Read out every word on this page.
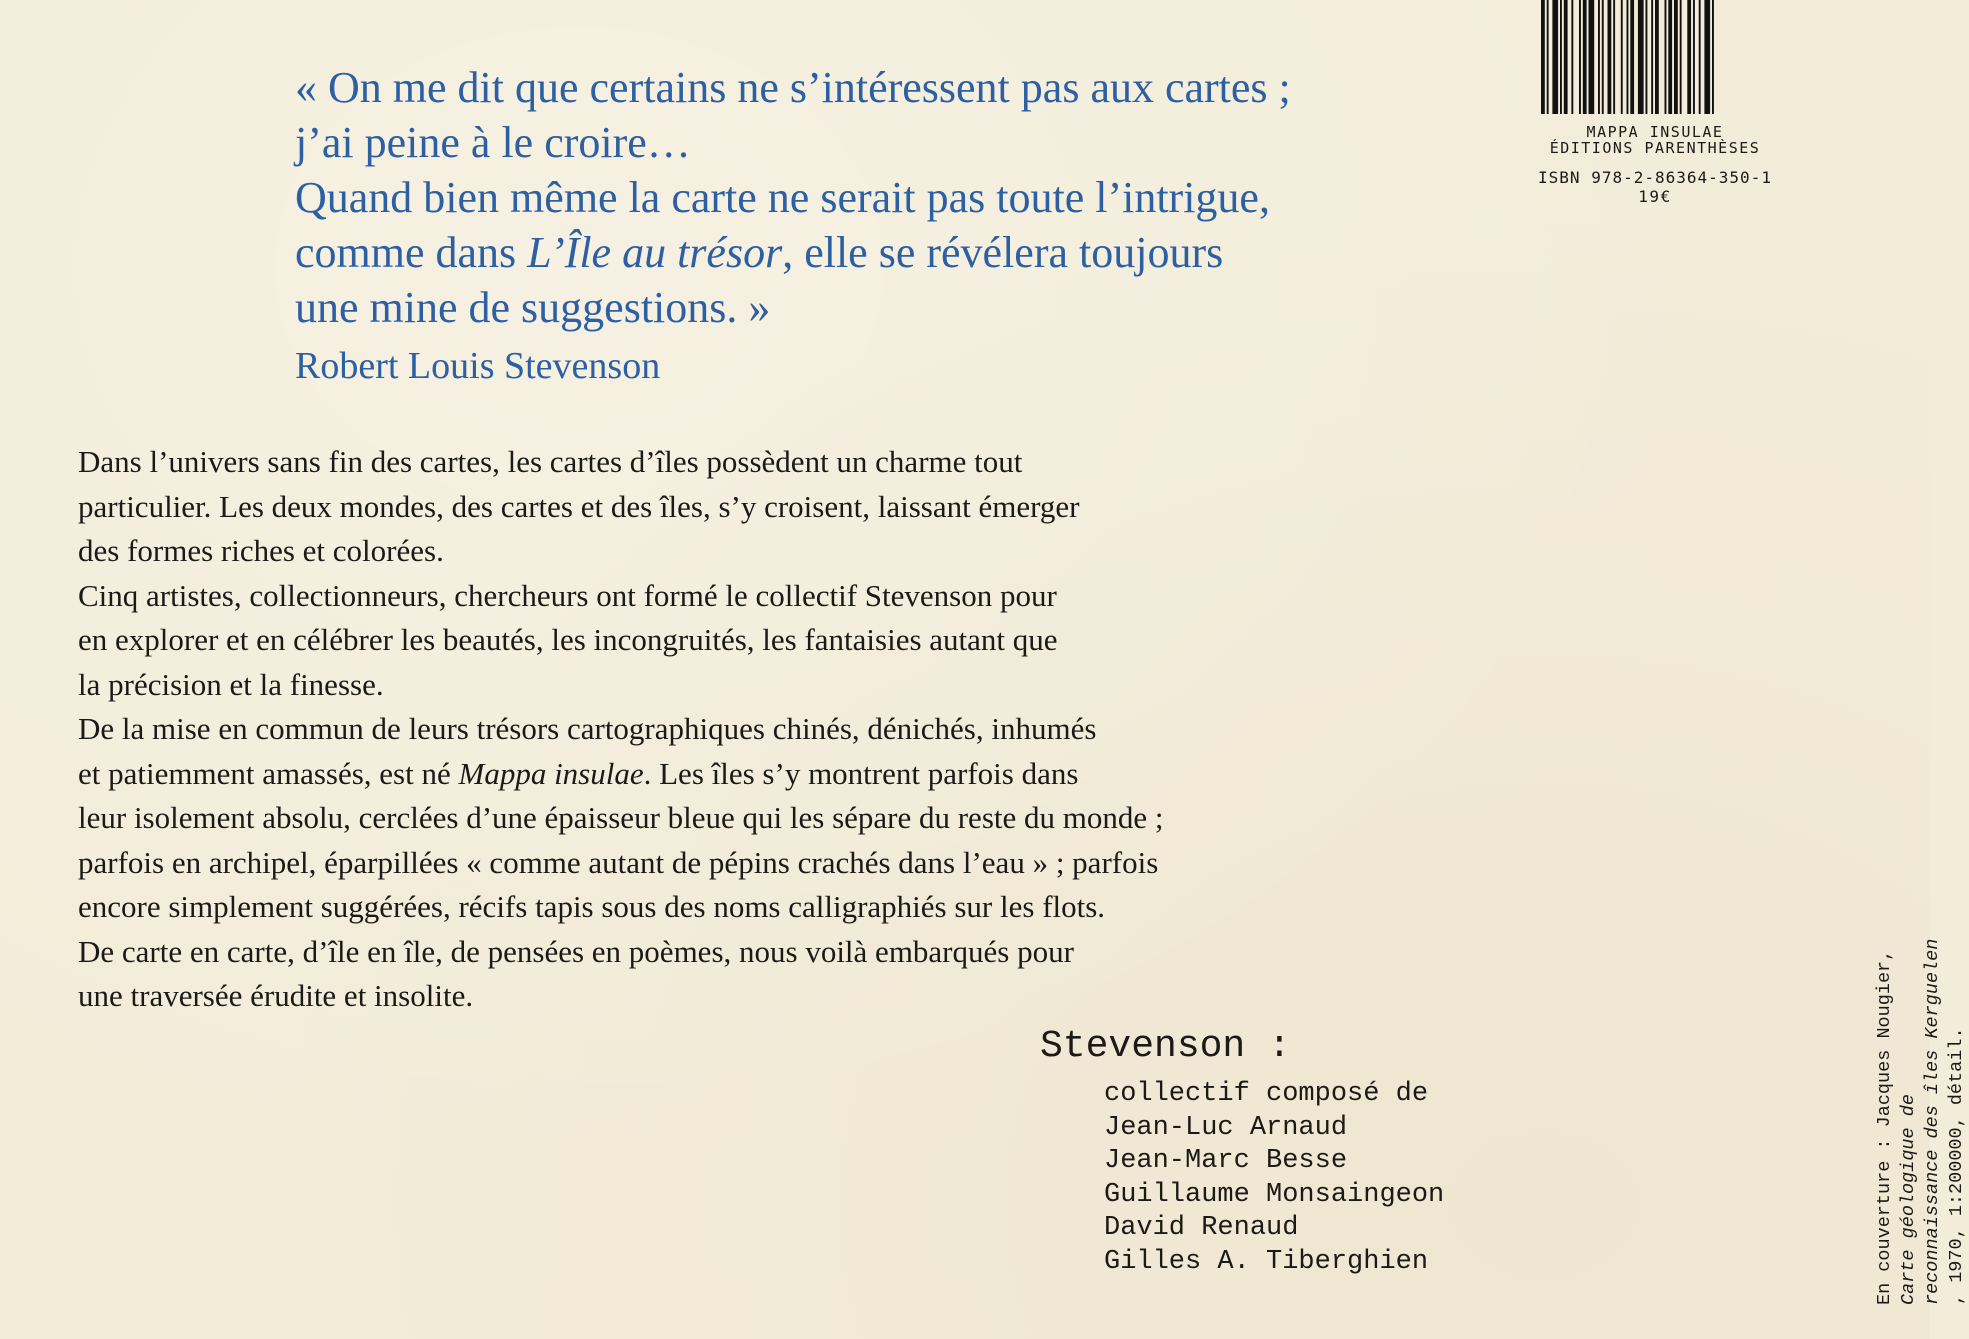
« On me dit que certains ne s’intéressent pas aux cartes ;
j’ai peine à le croire…
Quand bien même la carte ne serait pas toute l’intrigue,
comme dans L’Île au trésor, elle se révélera toujours
une mine de suggestions. »
Robert Louis Stevenson
Dans l’univers sans fin des cartes, les cartes d’îles possèdent un charme tout
particulier. Les deux mondes, des cartes et des îles, s’y croisent, laissant émerger
des formes riches et colorées.
Cinq artistes, collectionneurs, chercheurs ont formé le collectif Stevenson pour
en explorer et en célébrer les beautés, les incongruités, les fantaisies autant que
la précision et la finesse.
De la mise en commun de leurs trésors cartographiques chinés, dénichés, inhumés
et patiemment amassés, est né Mappa insulae. Les îles s’y montrent parfois dans
leur isolement absolu, cerclées d’une épaisseur bleue qui les sépare du reste du monde ;
parfois en archipel, éparpillées « comme autant de pépins crachés dans l’eau » ; parfois
encore simplement suggérées, récifs tapis sous des noms calligraphiés sur les flots.
De carte en carte, d’île en île, de pensées en poèmes, nous voilà embarqués pour
une traversée érudite et insolite.
Stevenson :
collectif composé de
Jean-Luc Arnaud
Jean-Marc Besse
Guillaume Monsaingeon
David Renaud
Gilles A. Tiberghien
MAPPA INSULAE
ÉDITIONS PARENTHÈSES
ISBN 978-2-86364-350-1
19€
En couverture : Jacques Nougier, Carte géologique de reconnaissance des îles Kerguelen , 1970, 1:200000, détail.
